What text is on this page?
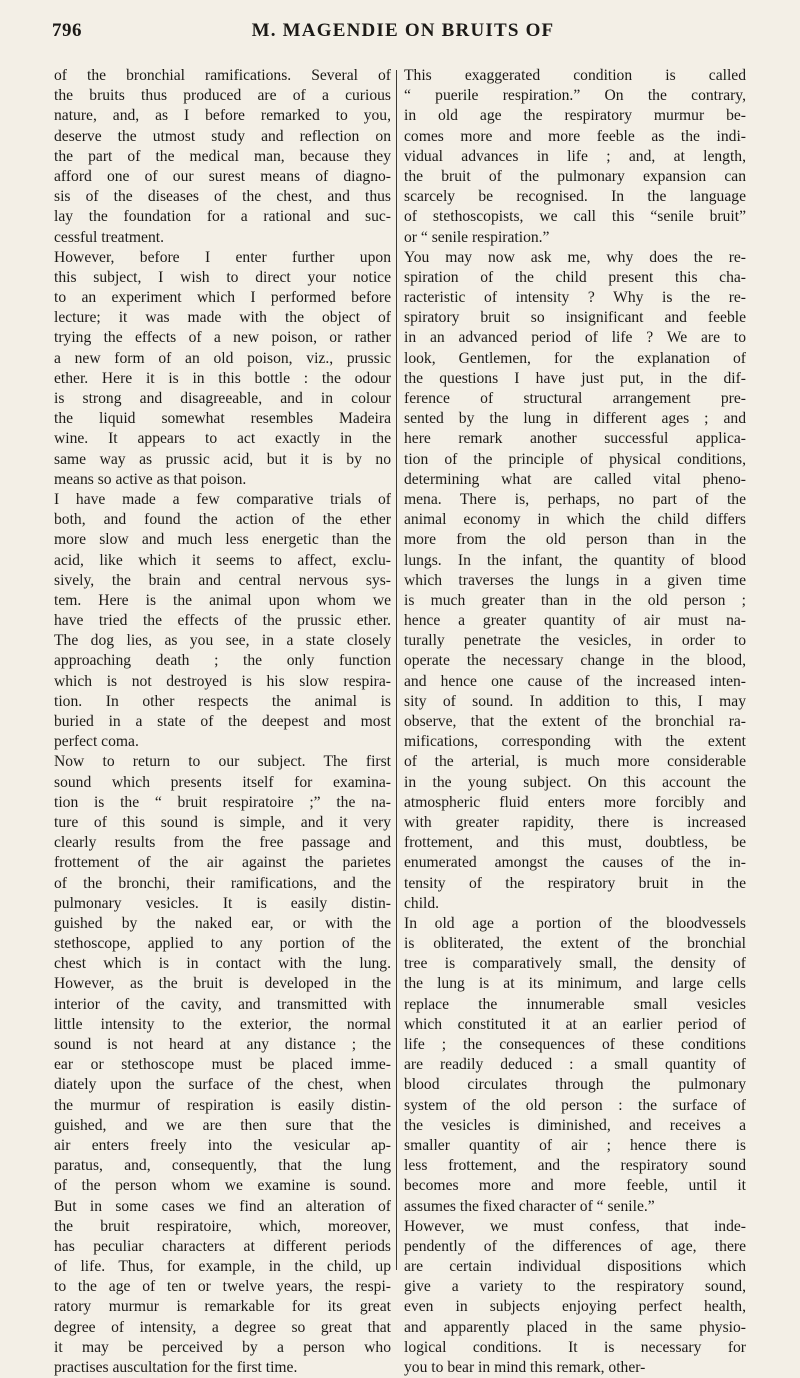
796	M. MAGENDIE ON BRUITS OF
of the bronchial ramifications. Several of
the bruits thus produced are of a curious
nature, and, as I before remarked to you,
deserve the utmost study and reflection on
the part of the medical man, because they
afford one of our surest means of diagno-
sis of the diseases of the chest, and thus
lay the foundation for a rational and suc-
cessful treatment.
However, before I enter further upon
this subject, I wish to direct your notice
to an experiment which I performed before
lecture; it was made with the object of
trying the effects of a new poison, or rather
a new form of an old poison, viz., prussic
ether. Here it is in this bottle : the odour
is strong and disagreeable, and in colour
the liquid somewhat resembles Madeira
wine. It appears to act exactly in the
same way as prussic acid, but it is by no
means so active as that poison.
I have made a few comparative trials of
both, and found the action of the ether
more slow and much less energetic than the
acid, like which it seems to affect, exclu-
sively, the brain and central nervous sys-
tem. Here is the animal upon whom we
have tried the effects of the prussic ether.
The dog lies, as you see, in a state closely
approaching death ; the only function
which is not destroyed is his slow respira-
tion. In other respects the animal is
buried in a state of the deepest and most
perfect coma.
Now to return to our subject. The first
sound which presents itself for examina-
tion is the “ bruit respiratoire ;” the na-
ture of this sound is simple, and it very
clearly results from the free passage and
frottement of the air against the parietes
of the bronchi, their ramifications, and the
pulmonary vesicles. It is easily distin-
guished by the naked ear, or with the
stethoscope, applied to any portion of the
chest which is in contact with the lung.
However, as the bruit is developed in the
interior of the cavity, and transmitted with
little intensity to the exterior, the normal
sound is not heard at any distance ; the
ear or stethoscope must be placed imme-
diately upon the surface of the chest, when
the murmur of respiration is easily distin-
guished, and we are then sure that the
air enters freely into the vesicular ap-
paratus, and, consequently, that the lung
of the person whom we examine is sound.
But in some cases we find an alteration of
the bruit respiratoire, which, moreover,
has peculiar characters at different periods
of life. Thus, for example, in the child, up
to the age of ten or twelve years, the respi-
ratory murmur is remarkable for its great
degree of intensity, a degree so great that
it may be perceived by a person who
practises auscultation for the first time.
This exaggerated condition is called
“ puerile respiration.” On the contrary,
in old age the respiratory murmur be-
comes more and more feeble as the indi-
vidual advances in life ; and, at length,
the bruit of the pulmonary expansion can
scarcely be recognised. In the language
of stethoscopists, we call this “senile bruit”
or “ senile respiration.”
You may now ask me, why does the re-
spiration of the child present this cha-
racteristic of intensity ? Why is the re-
spiratory bruit so insignificant and feeble
in an advanced period of life ? We are to
look, Gentlemen, for the explanation of
the questions I have just put, in the dif-
ference of structural arrangement pre-
sented by the lung in different ages ; and
here remark another successful applica-
tion of the principle of physical conditions,
determining what are called vital pheno-
mena. There is, perhaps, no part of the
animal economy in which the child differs
more from the old person than in the
lungs. In the infant, the quantity of blood
which traverses the lungs in a given time
is much greater than in the old person ;
hence a greater quantity of air must na-
turally penetrate the vesicles, in order to
operate the necessary change in the blood,
and hence one cause of the increased inten-
sity of sound. In addition to this, I may
observe, that the extent of the bronchial ra-
mifications, corresponding with the extent
of the arterial, is much more considerable
in the young subject. On this account the
atmospheric fluid enters more forcibly and
with greater rapidity, there is increased
frottement, and this must, doubtless, be
enumerated amongst the causes of the in-
tensity of the respiratory bruit in the
child.
In old age a portion of the bloodvessels
is obliterated, the extent of the bronchial
tree is comparatively small, the density of
the lung is at its minimum, and large cells
replace the innumerable small vesicles
which constituted it at an earlier period of
life ; the consequences of these conditions
are readily deduced : a small quantity of
blood circulates through the pulmonary
system of the old person : the surface of
the vesicles is diminished, and receives a
smaller quantity of air ; hence there is
less frottement, and the respiratory sound
becomes more and more feeble, until it
assumes the fixed character of “ senile.”
However, we must confess, that inde-
pendently of the differences of age, there
are certain individual dispositions which
give a variety to the respiratory sound,
even in subjects enjoying perfect health,
and apparently placed in the same physio-
logical conditions. It is necessary for
you to bear in mind this remark, other-
